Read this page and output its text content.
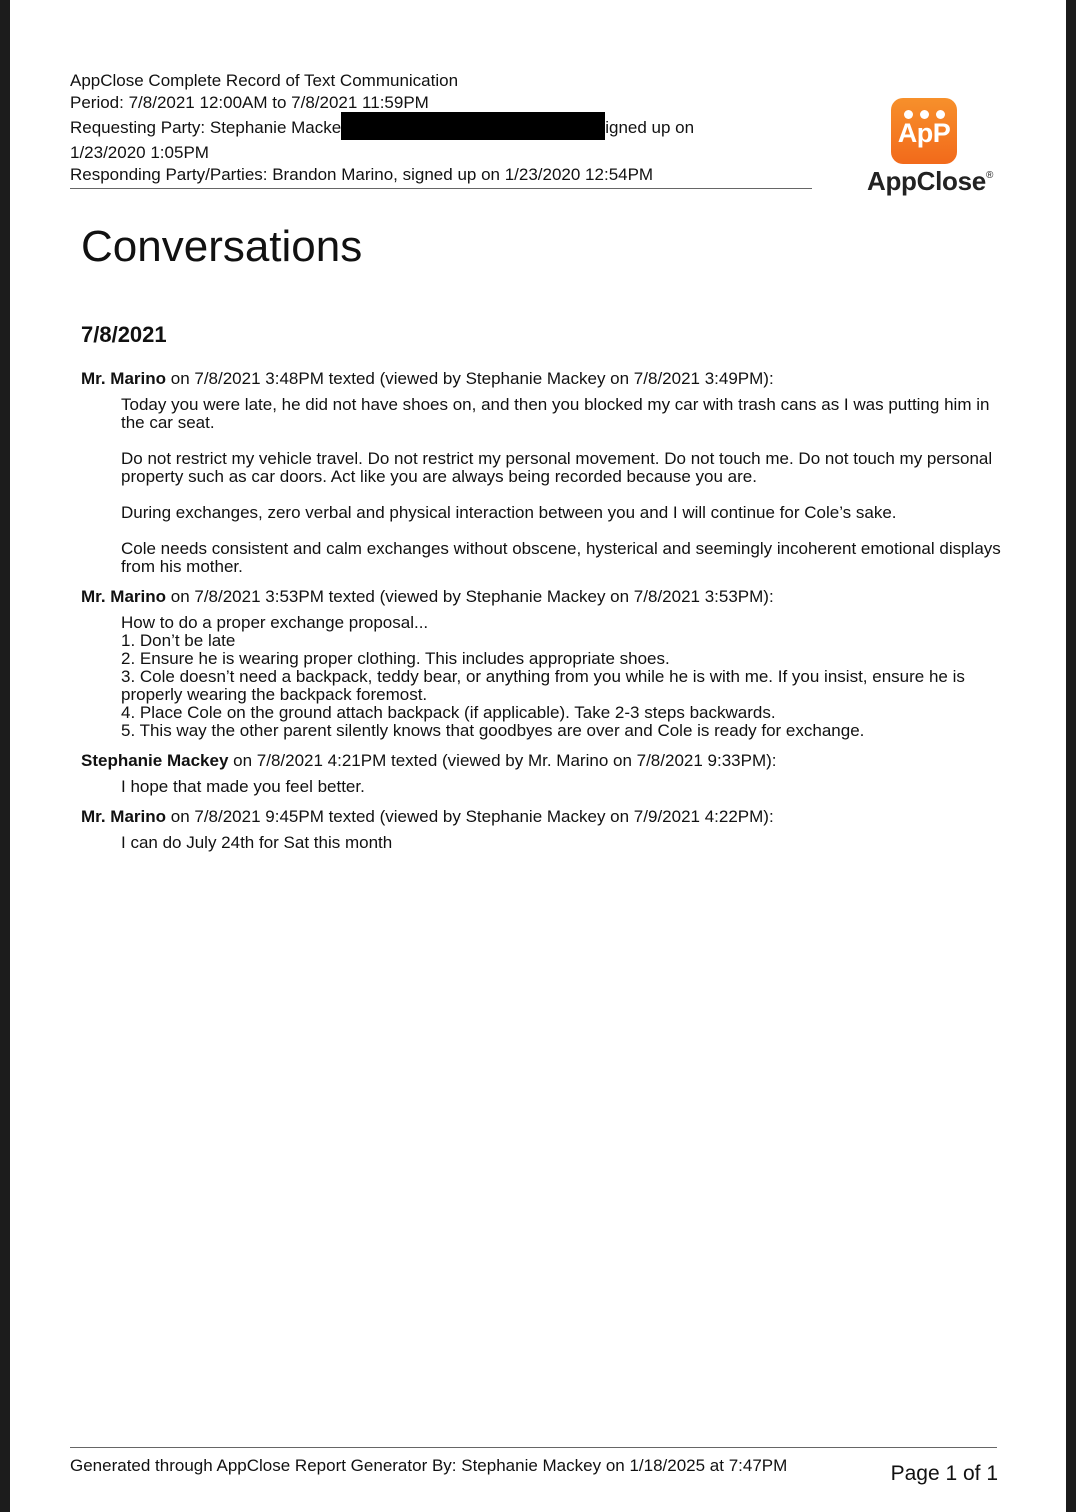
AppClose Complete Record of Text Communication
Period: 7/8/2021 12:00AM to 7/8/2021 11:59PM
Requesting Party: Stephanie Macke	igned up on
1/23/2020 1:05PM
Responding Party/Parties: Brandon Marino, signed up on 1/23/2020 12:54PM
ApP
AppClose®
Conversations
7/8/2021
Mr. Marino on 7/8/2021 3:48PM texted (viewed by Stephanie Mackey on 7/8/2021 3:49PM):
Today you were late, he did not have shoes on, and then you blocked my car with trash cans as I was putting him in the car seat.
Do not restrict my vehicle travel. Do not restrict my personal movement. Do not touch me. Do not touch my personal property such as car doors. Act like you are always being recorded because you are.
During exchanges, zero verbal and physical interaction between you and I will continue for Cole’s sake.
Cole needs consistent and calm exchanges without obscene, hysterical and seemingly incoherent emotional displays from his mother.
Mr. Marino on 7/8/2021 3:53PM texted (viewed by Stephanie Mackey on 7/8/2021 3:53PM):
How to do a proper exchange proposal...
1. Don’t be late
2. Ensure he is wearing proper clothing. This includes appropriate shoes.
3. Cole doesn’t need a backpack, teddy bear, or anything from you while he is with me. If you insist, ensure he is properly wearing the backpack foremost.
4. Place Cole on the ground attach backpack (if applicable). Take 2-3 steps backwards.
5. This way the other parent silently knows that goodbyes are over and Cole is ready for exchange.
Stephanie Mackey on 7/8/2021 4:21PM texted (viewed by Mr. Marino on 7/8/2021 9:33PM):
I hope that made you feel better.
Mr. Marino on 7/8/2021 9:45PM texted (viewed by Stephanie Mackey on 7/9/2021 4:22PM):
I can do July 24th for Sat this month
Generated through AppClose Report Generator By: Stephanie Mackey on 1/18/2025 at 7:47PM	Page 1 of 1
